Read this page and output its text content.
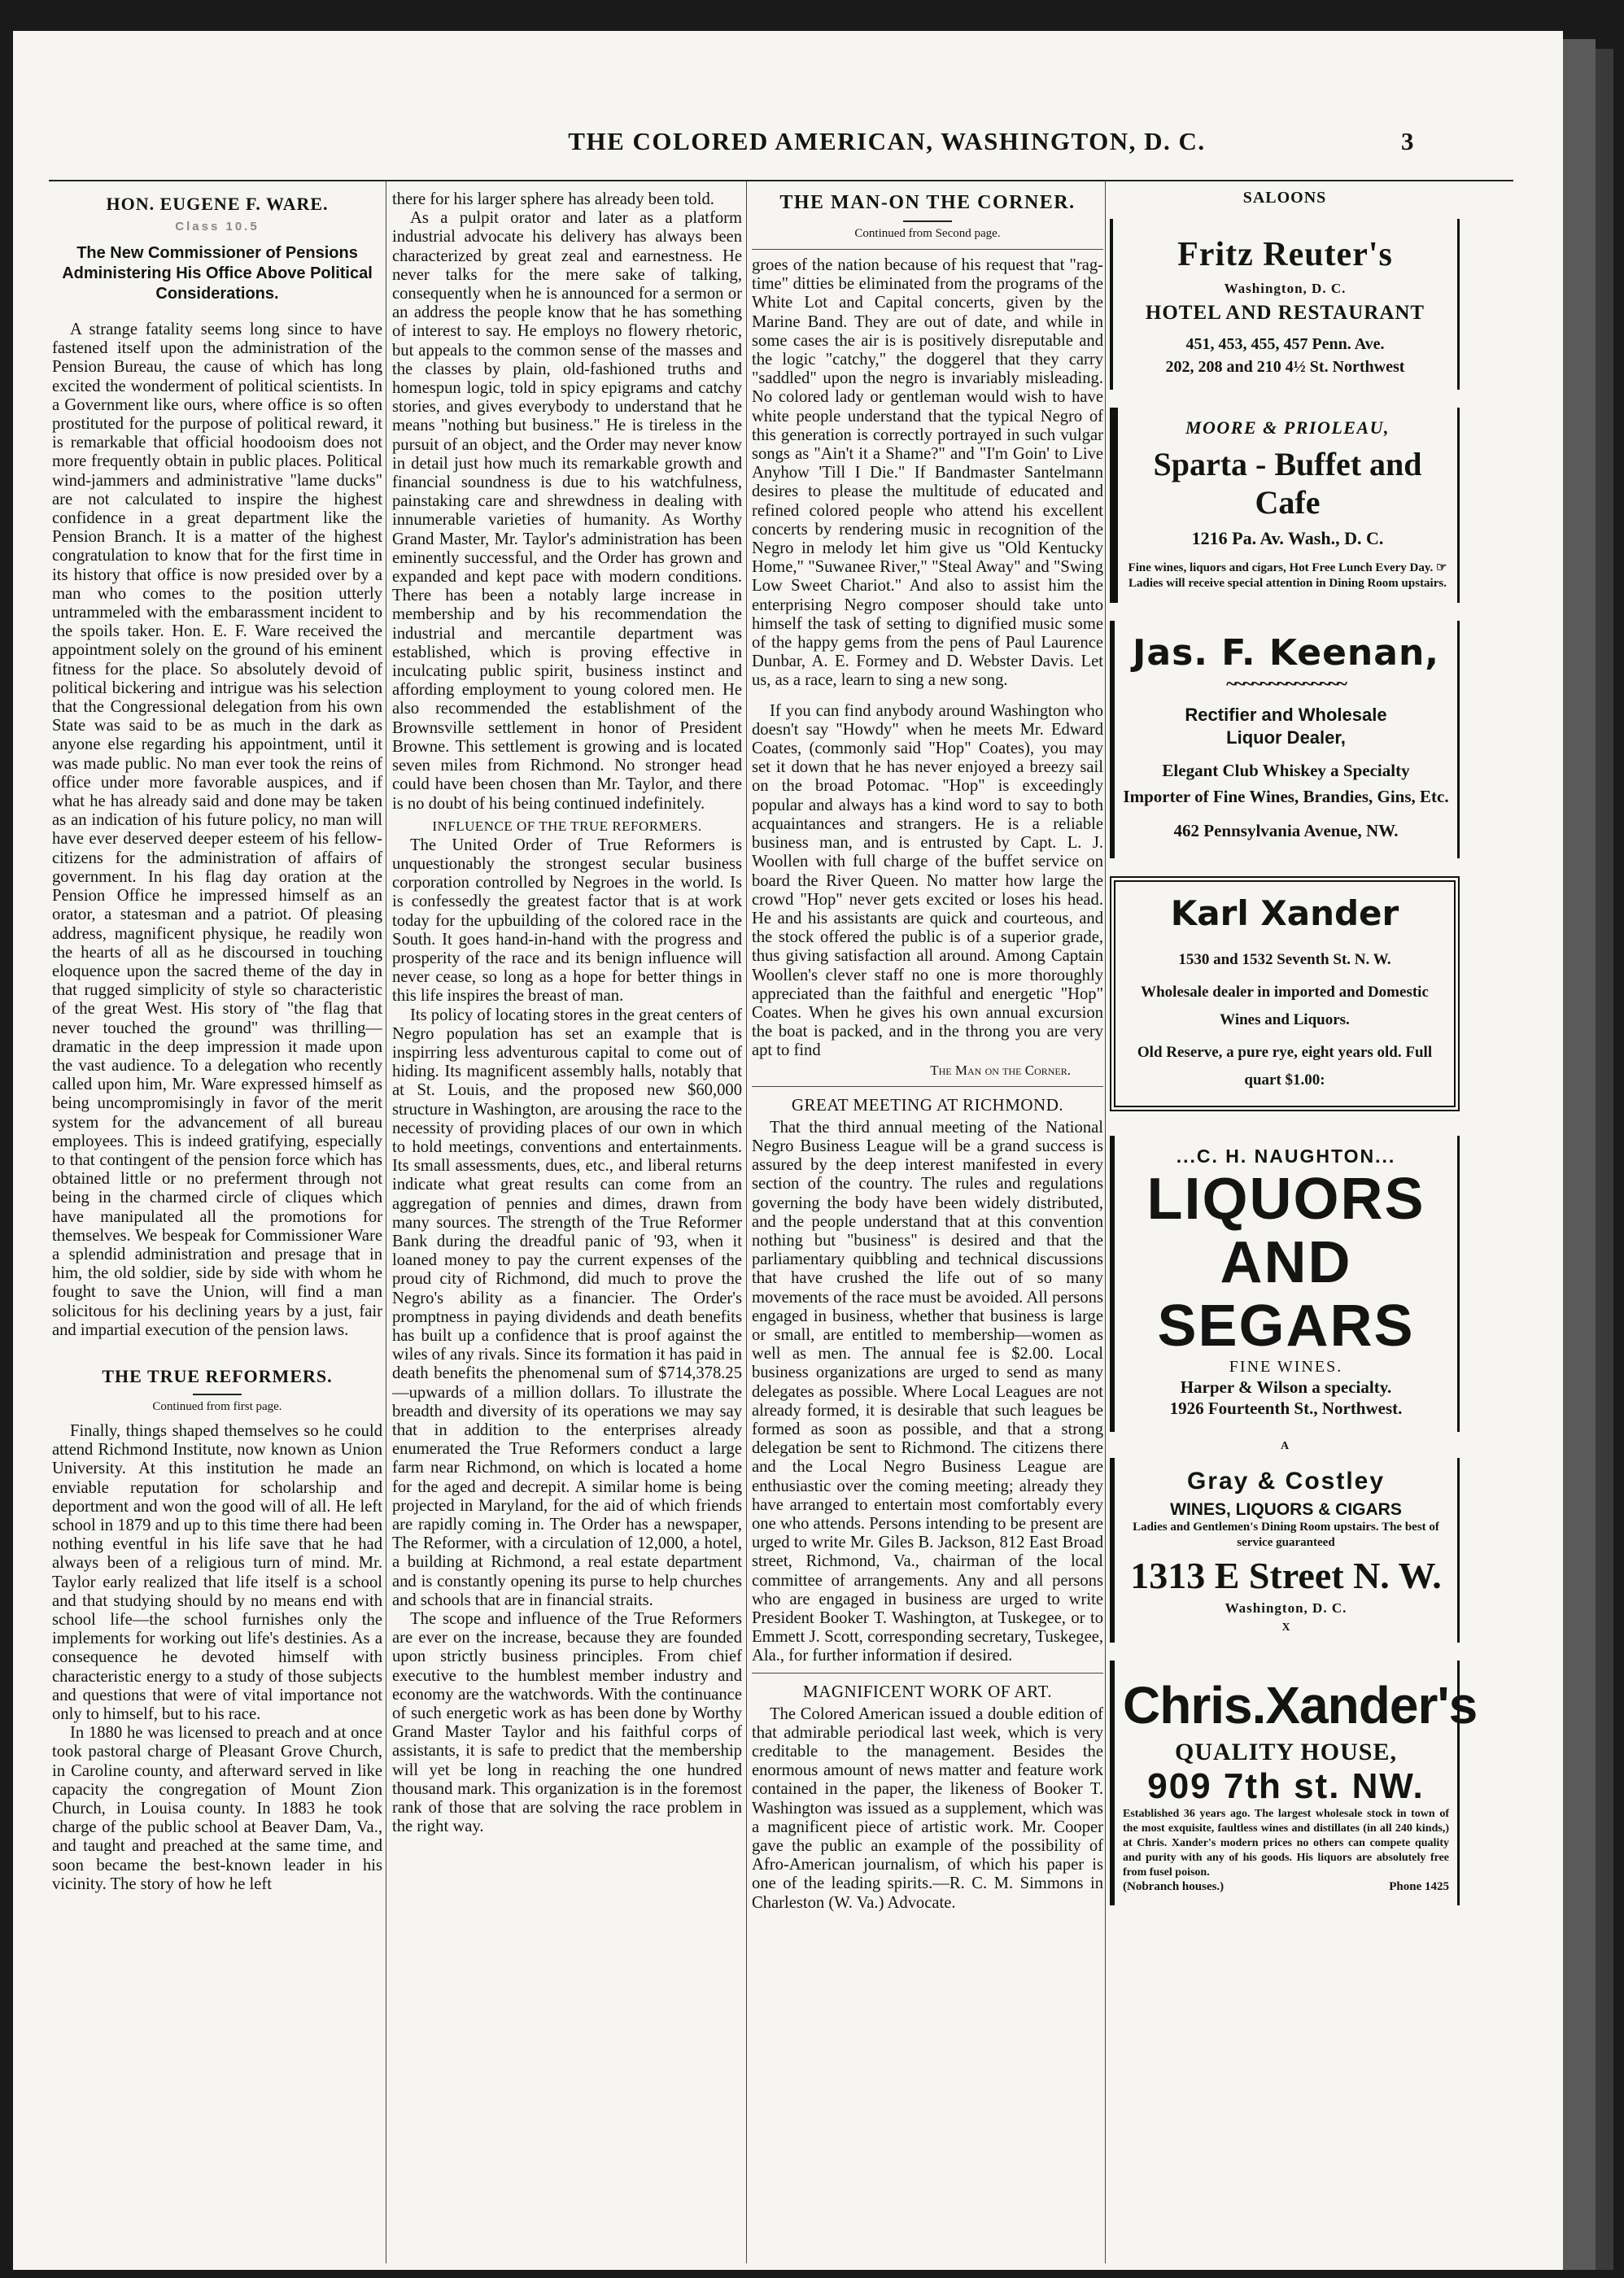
THE COLORED AMERICAN, WASHINGTON, D. C.	3
HON. EUGENE F. WARE.
Class 10.5
The New Commissioner of Pensions Administering His Office Above Political Considerations.

A strange fatality seems long since to have fastened itself upon the administration of the Pension Bureau, the cause of which has long excited the wonderment of political scientists. In a Government like ours, where office is so often prostituted for the purpose of political reward, it is remarkable that official hoodooism does not more frequently obtain in public places. Political wind-jammers and administrative "lame ducks" are not calculated to inspire the highest confidence in a great department like the Pension Branch. It is a matter of the highest congratulation to know that for the first time in its history that office is now presided over by a man who comes to the position utterly untrammeled with the embarassment incident to the spoils taker. Hon. E. F. Ware received the appointment solely on the ground of his eminent fitness for the place. So absolutely devoid of political bickering and intrigue was his selection that the Congressional delegation from his own State was said to be as much in the dark as anyone else regarding his appointment, until it was made public. No man ever took the reins of office under more favorable auspices, and if what he has already said and done may be taken as an indication of his future policy, no man will have ever deserved deeper esteem of his fellow-citizens for the administration of affairs of government. In his flag day oration at the Pension Office he impressed himself as an orator, a statesman and a patriot. Of pleasing address, magnificent physique, he readily won the hearts of all as he discoursed in touching eloquence upon the sacred theme of the day in that rugged simplicity of style so characteristic of the great West. His story of "the flag that never touched the ground" was thrilling—dramatic in the deep impression it made upon the vast audience. To a delegation who recently called upon him, Mr. Ware expressed himself as being uncompromisingly in favor of the merit system for the advancement of all bureau employees. This is indeed gratifying, especially to that contingent of the pension force which has obtained little or no preferment through not being in the charmed circle of cliques which have manipulated all the promotions for themselves. We bespeak for Commissioner Ware a splendid administration and presage that in him, the old soldier, side by side with whom he fought to save the Union, will find a man solicitous for his declining years by a just, fair and impartial execution of the pension laws.

THE TRUE REFORMERS.
Continued from first page.

Finally, things shaped themselves so he could attend Richmond Institute, now known as Union University. At this institution he made an enviable reputation for scholarship and deportment and won the good will of all. He left school in 1879 and up to this time there had been nothing eventful in his life save that he had always been of a religious turn of mind. Mr. Taylor early realized that life itself is a school and that studying should by no means end with school life—the school furnishes only the implements for working out life's destinies. As a consequence he devoted himself with characteristic energy to a study of those subjects and questions that were of vital importance not only to himself, but to his race.

In 1880 he was licensed to preach and at once took pastoral charge of Pleasant Grove Church, in Caroline county, and afterward served in like capacity the congregation of Mount Zion Church, in Louisa county. In 1883 he took charge of the public school at Beaver Dam, Va., and taught and preached at the same time, and soon became the best-known leader in his vicinity. The story of how he left

there for his larger sphere has already been told.

As a pulpit orator and later as a platform industrial advocate his delivery has always been characterized by great zeal and earnestness. He never talks for the mere sake of talking, consequently when he is announced for a sermon or an address the people know that he has something of interest to say. He employs no flowery rhetoric, but appeals to the common sense of the masses and the classes by plain, old-fashioned truths and homespun logic, told in spicy epigrams and catchy stories, and gives everybody to understand that he means "nothing but business." He is tireless in the pursuit of an object, and the Order may never know in detail just how much its remarkable growth and financial soundness is due to his watchfulness, painstaking care and shrewdness in dealing with innumerable varieties of humanity. As Worthy Grand Master, Mr. Taylor's administration has been eminently successful, and the Order has grown and expanded and kept pace with modern conditions. There has been a notably large increase in membership and by his recommendation the industrial and mercantile department was established, which is proving effective in inculcating public spirit, business instinct and affording employment to young colored men. He also recommended the establishment of the Brownsville settlement in honor of President Browne. This settlement is growing and is located seven miles from Richmond. No stronger head could have been chosen than Mr. Taylor, and there is no doubt of his being continued indefinitely.

INFLUENCE OF THE TRUE REFORMERS.

The United Order of True Reformers is unquestionably the strongest secular business corporation controlled by Negroes in the world. Is is confessedly the greatest factor that is at work today for the upbuilding of the colored race in the South. It goes hand-in-hand with the progress and prosperity of the race and its benign influence will never cease, so long as a hope for better things in this life inspires the breast of man.

Its policy of locating stores in the great centers of Negro population has set an example that is inspirring less adventurous capital to come out of hiding. Its magnificent assembly halls, notably that at St. Louis, and the proposed new $60,000 structure in Washington, are arousing the race to the necessity of providing places of our own in which to hold meetings, conventions and entertainments. Its small assessments, dues, etc., and liberal returns indicate what great results can come from an aggregation of pennies and dimes, drawn from many sources. The strength of the True Reformer Bank during the dreadful panic of '93, when it loaned money to pay the current expenses of the proud city of Richmond, did much to prove the Negro's ability as a financier. The Order's promptness in paying dividends and death benefits has built up a confidence that is proof against the wiles of any rivals. Since its formation it has paid in death benefits the phenomenal sum of $714,378.25—upwards of a million dollars. To illustrate the breadth and diversity of its operations we may say that in addition to the enterprises already enumerated the True Reformers conduct a large farm near Richmond, on which is located a home for the aged and decrepit. A similar home is being projected in Maryland, for the aid of which friends are rapidly coming in. The Order has a newspaper, The Reformer, with a circulation of 12,000, a hotel, a building at Richmond, a real estate department and is constantly opening its purse to help churches and schools that are in financial straits.

The scope and influence of the True Reformers are ever on the increase, because they are founded upon strictly business principles. From chief executive to the humblest member industry and economy are the watchwords. With the continuance of such energetic work as has been done by Worthy Grand Master Taylor and his faithful corps of assistants, it is safe to predict that the membership will yet be long in reaching the one hundred thousand mark. This organization is in the foremost rank of those that are solving the race problem in the right way.

THE MAN-ON THE CORNER.
Continued from Second page.

groes of the nation because of his request that "rag-time" ditties be eliminated from the programs of the White Lot and Capital concerts, given by the Marine Band. They are out of date, and while in some cases the air is is positively disreputable and the logic "catchy," the doggerel that they carry "saddled" upon the negro is invariably misleading. No colored lady or gentleman would wish to have white people understand that the typical Negro of this generation is correctly portrayed in such vulgar songs as "Ain't it a Shame?" and "I'm Goin' to Live Anyhow 'Till I Die." If Bandmaster Santelmann desires to please the multitude of educated and refined colored people who attend his excellent concerts by rendering music in recognition of the Negro in melody let him give us "Old Kentucky Home," "Suwanee River," "Steal Away" and "Swing Low Sweet Chariot." And also to assist him the enterprising Negro composer should take unto himself the task of setting to dignified music some of the happy gems from the pens of Paul Laurence Dunbar, A. E. Formey and D. Webster Davis. Let us, as a race, learn to sing a new song.

If you can find anybody around Washington who doesn't say "Howdy" when he meets Mr. Edward Coates, (commonly said "Hop" Coates), you may set it down that he has never enjoyed a breezy sail on the broad Potomac. "Hop" is exceedingly popular and always has a kind word to say to both acquaintances and strangers. He is a reliable business man, and is entrusted by Capt. L. J. Woollen with full charge of the buffet service on board the River Queen. No matter how large the crowd "Hop" never gets excited or loses his head. He and his assistants are quick and courteous, and the stock offered the public is of a superior grade, thus giving satisfaction all around. Among Captain Woollen's clever staff no one is more thoroughly appreciated than the faithful and energetic "Hop" Coates. When he gives his own annual excursion the boat is packed, and in the throng you are very apt to find

The Man on the Corner.
GREAT MEETING AT RICHMOND.

That the third annual meeting of the National Negro Business League will be a grand success is assured by the deep interest manifested in every section of the country. The rules and regulations governing the body have been widely distributed, and the people understand that at this convention nothing but "business" is desired and that the parliamentary quibbling and technical discussions that have crushed the life out of so many movements of the race must be avoided. All persons engaged in business, whether that business is large or small, are entitled to membership—women as well as men. The annual fee is $2.00. Local business organizations are urged to send as many delegates as possible. Where Local Leagues are not already formed, it is desirable that such leagues be formed as soon as possible, and that a strong delegation be sent to Richmond. The citizens there and the Local Negro Business League are enthusiastic over the coming meeting; already they have arranged to entertain most comfortably every one who attends. Persons intending to be present are urged to write Mr. Giles B. Jackson, 812 East Broad street, Richmond, Va., chairman of the local committee of arrangements. Any and all persons who are engaged in business are urged to write President Booker T. Washington, at Tuskegee, or to Emmett J. Scott, corresponding secretary, Tuskegee, Ala., for further information if desired.

MAGNIFICENT WORK OF ART.

The Colored American issued a double edition of that admirable periodical last week, which is very creditable to the management. Besides the enormous amount of news matter and feature work contained in the paper, the likeness of Booker T. Washington was issued as a supplement, which was a magnificent piece of artistic work. Mr. Cooper gave the public an example of the possibility of Afro-American journalism, of which his paper is one of the leading spirits.—R. C. M. Simmons in Charleston (W. Va.) Advocate.

SALOONS
Fritz Reuter's
Washington, D. C.
HOTEL AND RESTAURANT
451, 453, 455, 457 Penn. Ave.
202, 208 and 210 4½ St. Northwest
MOORE & PRIOLEAU,
Sparta - Buffet and Cafe
1216 Pa. Av. Wash., D. C.
Fine wines, liquors and cigars, Hot Free Lunch Every Day. ☞Ladies will receive special attention in Dining Room upstairs.
Jas. F. Keenan,
~~~~~~~~~~~~~~
Rectifier and Wholesale
Liquor Dealer,
Elegant Club Whiskey a Specialty
Importer of Fine Wines, Brandies, Gins, Etc.
462 Pennsylvania Avenue, NW.
Karl Xander
1530 and 1532 Seventh St. N. W.
Wholesale dealer in imported and Domestic Wines and Liquors.
Old Reserve, a pure rye, eight years old. Full quart $1.00:
...C. H. NAUGHTON...
LIQUORS
AND SEGARS
FINE WINES.
Harper & Wilson a specialty.
1926 Fourteenth St., Northwest.
A
Gray & Costley
WINES, LIQUORS & CIGARS
Ladies and Gentlemen's Dining Room upstairs. The best of service guaranteed
1313 E Street N. W.
Washington, D. C.
X
Chris.Xander's
QUALITY HOUSE,
909 7th st. NW.
Established 36 years ago. The largest wholesale stock in town of the most exquisite, faultless wines and distillates (in all 240 kinds,) at Chris. Xander's modern prices no others can compete quality and purity with any of his goods. His liquors are absolutely free from fusel poison.
(Nobranch houses.)	Phone 1425
